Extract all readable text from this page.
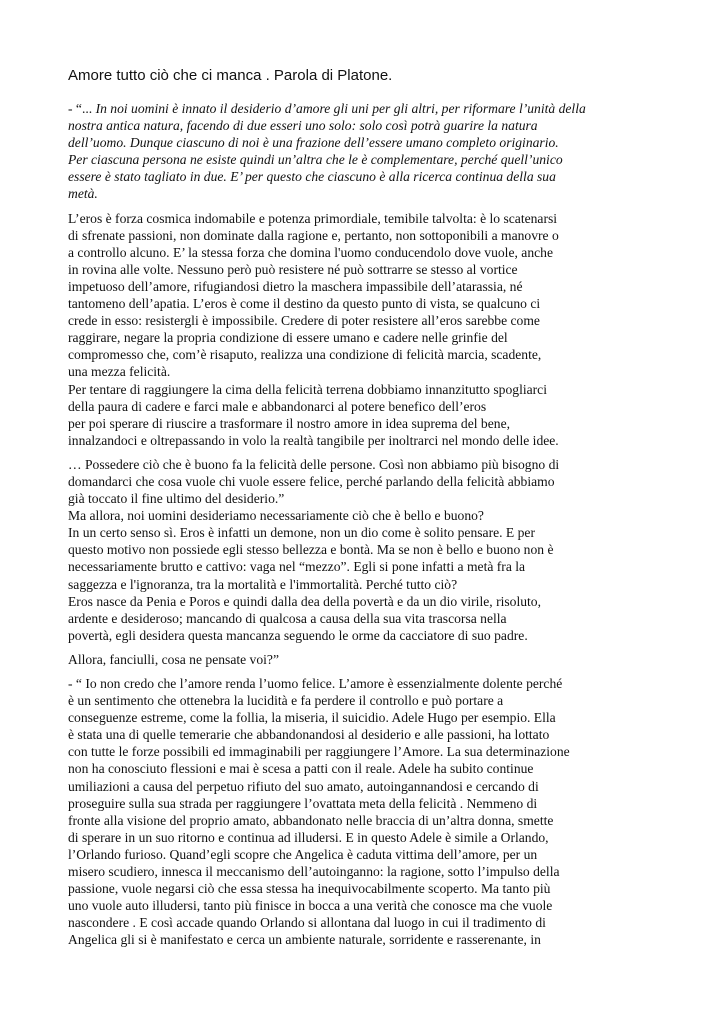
Amore tutto ciò che ci manca . Parola di Platone.
- “... In noi uomini è innato il desiderio d’amore gli uni per gli altri, per riformare l’unità della
nostra antica natura, facendo di due esseri uno solo: solo così potrà guarire la natura
dell’uomo. Dunque ciascuno di noi è una frazione dell’essere umano completo originario.
Per ciascuna persona ne esiste quindi un’altra che le è complementare, perché quell’unico
essere è stato tagliato in due. E’ per questo che ciascuno è alla ricerca continua della sua
metà.
L’eros è forza cosmica indomabile e potenza primordiale, temibile talvolta: è lo scatenarsi
di sfrenate passioni, non dominate dalla ragione e, pertanto, non sottoponibili a manovre o
a controllo alcuno. E’ la stessa forza che domina l'uomo conducendolo dove vuole, anche
in rovina alle volte. Nessuno però può resistere né può sottrarre se stesso al vortice
impetuoso dell’amore, rifugiandosi dietro la maschera impassibile dell’atarassia, né
tantomeno dell’apatia. L’eros è come il destino da questo punto di vista, se qualcuno ci
crede in esso: resistergli è impossibile. Credere di poter resistere all’eros sarebbe come
raggirare, negare la propria condizione di essere umano e cadere nelle grinfie del
compromesso che, com’è risaputo, realizza una condizione di felicità marcia, scadente,
una mezza felicità.
Per tentare di raggiungere la cima della felicità terrena dobbiamo innanzitutto spogliarci
della paura di cadere e farci male e abbandonarci al potere benefico dell’eros
per poi sperare di riuscire a trasformare il nostro amore in idea suprema del bene,
innalzandoci e oltrepassando in volo la realtà tangibile per inoltrarci nel mondo delle idee.
… Possedere ciò che è buono fa la felicità delle persone. Così non abbiamo più bisogno di
domandarci che cosa vuole chi vuole essere felice, perché parlando della felicità abbiamo
già toccato il fine ultimo del desiderio.”
Ma allora, noi uomini desideriamo necessariamente ciò che è bello e buono?
In un certo senso sì. Eros è infatti un demone, non un dio come è solito pensare. E per
questo motivo non possiede egli stesso bellezza e bontà. Ma se non è bello e buono non è
necessariamente brutto e cattivo: vaga nel “mezzo”. Egli si pone infatti a metà fra la
saggezza e l'ignoranza, tra la mortalità e l'immortalità. Perché tutto ciò?
Eros nasce da Penia e Poros e quindi dalla dea della povertà e da un dio virile, risoluto,
ardente e desideroso; mancando di qualcosa a causa della sua vita trascorsa nella
povertà, egli desidera questa mancanza seguendo le orme da cacciatore di suo padre.
Allora, fanciulli, cosa ne pensate voi?”
- “ Io non credo che l’amore renda l’uomo felice. L’amore è essenzialmente dolente perché
è un sentimento che ottenebra la lucidità e fa perdere il controllo e può portare a
conseguenze estreme, come la follia, la miseria, il suicidio. Adele Hugo per esempio. Ella
è stata una di quelle temerarie che abbandonandosi al desiderio e alle passioni, ha lottato
con tutte le forze possibili ed immaginabili per raggiungere l’Amore. La sua determinazione
non ha conosciuto flessioni e mai è scesa a patti con il reale. Adele ha subito continue
umiliazioni a causa del perpetuo rifiuto del suo amato, autoingannandosi e cercando di
proseguire sulla sua strada per raggiungere l’ovattata meta della felicità . Nemmeno di
fronte alla visione del proprio amato, abbandonato nelle braccia di un’altra donna, smette
di sperare in un suo ritorno e continua ad illudersi. E in questo Adele è simile a Orlando,
l’Orlando furioso. Quand’egli scopre che Angelica è caduta vittima dell’amore, per un
misero scudiero, innesca il meccanismo dell’autoinganno: la ragione, sotto l’impulso della
passione, vuole negarsi ciò che essa stessa ha inequivocabilmente scoperto. Ma tanto più
uno vuole auto illudersi, tanto più finisce in bocca a una verità che conosce ma che vuole
nascondere . E così accade quando Orlando si allontana dal luogo in cui il tradimento di
Angelica gli si è manifestato e cerca un ambiente naturale, sorridente e rasserenante, in
